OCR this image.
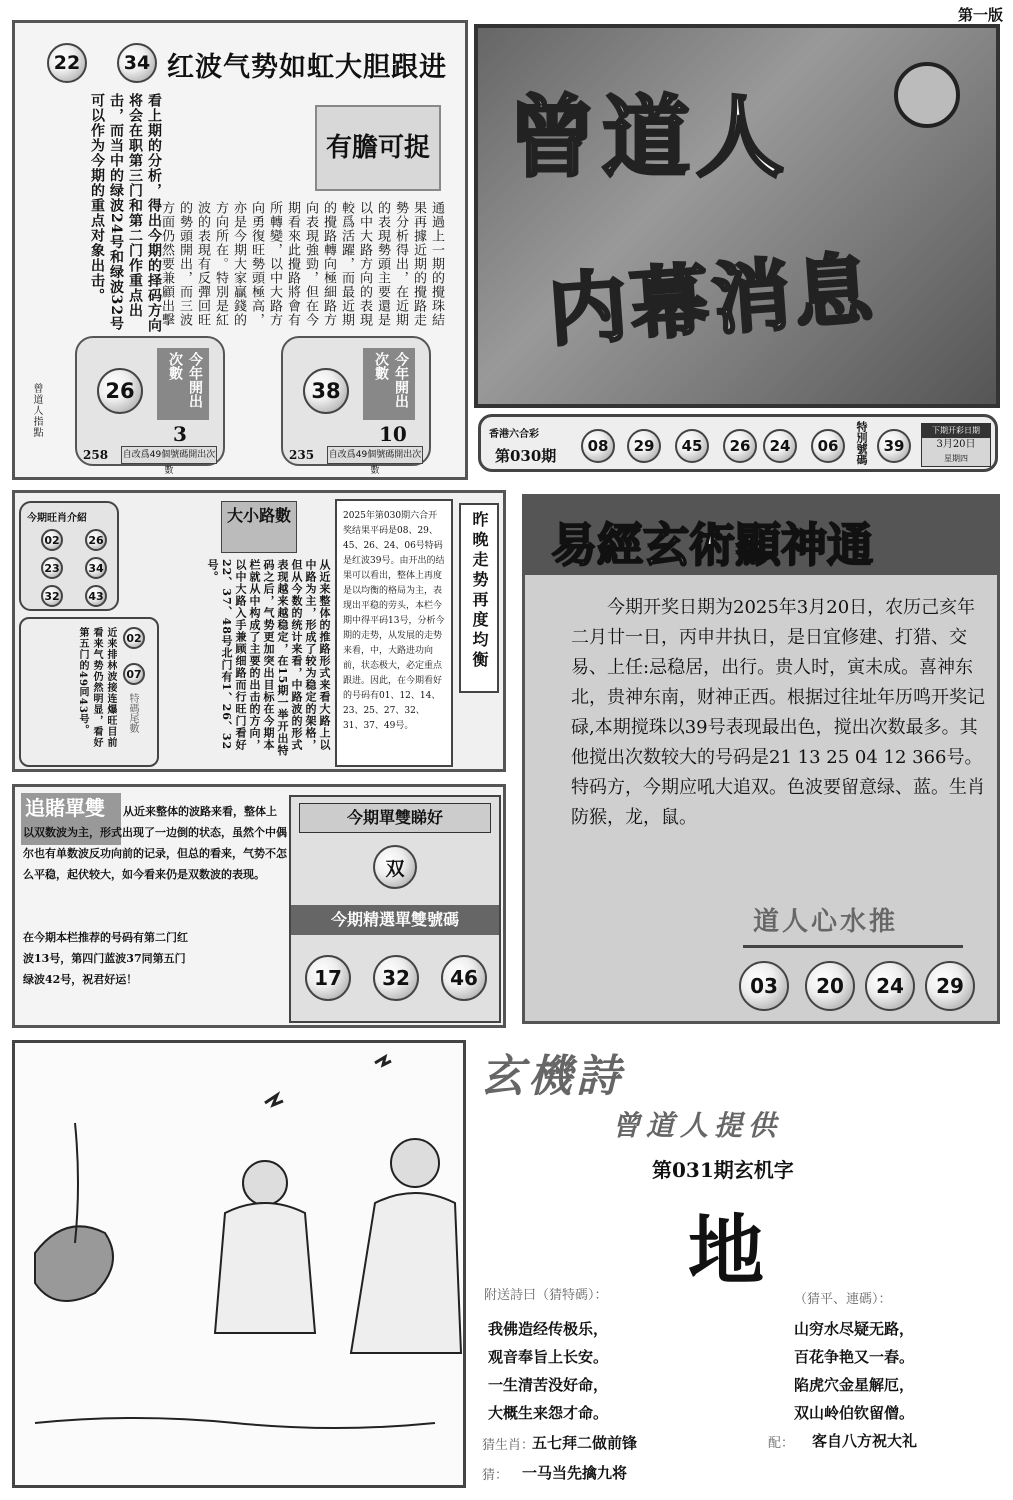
第一版
22	34 红波气势如虹大胆跟进
有膽可捉
通過上一期的攪珠結果再據近期的攪路走勢分析得出，在近期的表現勢頭主要還是以中大路方向的表現較爲活躍，而最近期的攪路轉向極細路方向表現強勁，但在今期看來此攪路將會有所轉變，以中大路方向勇復旺勢頭極高，亦是今期大家贏錢的方向所在。特別是紅波的表現有反彈回旺的勢頭開出，而三波方面仍然要兼顧出擊
看上期的分析，得出今期的择码方向将会在职第三门和第二门作重点出击，而当中的绿波24号和绿波32号可以作为今期的重点对象出击。
曾道人指點	26	今年開出次數
3
258 自改爲49個號碼開出次數
38	今年開出次數
10
235 自改爲49個號碼開出次數
曾道人
内幕消息
香港六合彩
第030期
08	29	45	26	24	06	特別號碼	39
下期开彩日期
3月20日
星期四
今期旺肖介紹
02	26
23	34
32	43
02
07
特碼尾數
近来排林波接连爆旺目前看来气势仍然明显，看好第五门的49同43号。
大小路數
从近来整体的推路形式来看大路上以中路为主，形成了较为稳定的架格，但从今数的统计来看，中路波的形式表现越来越稳定，在15期一举开出特码之后，气势更加突出目标在今期本栏就从中构成了主要的出击的方向，以中大路入手兼顾细路而行旺门看好22、37、48号北门有1、26、32号。
2025年第030期六合开奖结果平码是08、29、45、26、24、06号特码是红波39号。由开出的结果可以看出，整体上再度是以均衡的格局为主，表现出平稳的劳头，本栏今期中得平码13号，分析今期的走势，从发展的走势来看，中，大路进功向前，状态极大，必定重点跟进。因此，在今期看好的号码有01、12、14、23、25、27、32、31、37、49号。
昨晚走势再度均衡 易經玄術顯神通
今期开奖日期为2025年3月20日，农历己亥年二月廿一日，丙申井执日，是日宜修建、打猎、交易、上任:忌稳居，出行。贵人时，寅未成。喜神东北，贵神东南，财神正西。根据过往址年历鸣开奖记碌,本期搅珠以39号表现最出色，搅出次数最多。其他搅出次数较大的号码是21 13 25 04 12 366号。特码方，今期应吼大追双。色波要留意绿、蓝。生肖防猴，龙，鼠。
道人心水推
03	20	24	29
追賭單雙	从近来整体的波路来看，整体上以双数波为主，形式出现了一边倒的状态，虽然个中偶尔也有单数波反功向前的记录，但总的看来，气势不怎么平稳，起伏较大，如今看来仍是双数波的表现。
在今期本栏推荐的号码有第二门红波13号，第四门蓝波37同第五门绿波42号，祝君好运！
今期單雙睇好
双
今期精選單雙號碼
17	32	46
玄機詩
曾道人提供
第031期玄机字
地
附送詩曰（猜特碼）：
我佛造经传极乐，
观音奉旨上长安。
一生清苦没好命，
大概生来怨才命。
（猜平、連碼）：
山穷水尽疑无路，
百花争艳又一春。
陷虎穴金星解厄，
双山岭伯钦留僧。
猜生肖：
五七拜二做前锋	配： 客自八方祝大礼
猜： 一马当先擒九将
